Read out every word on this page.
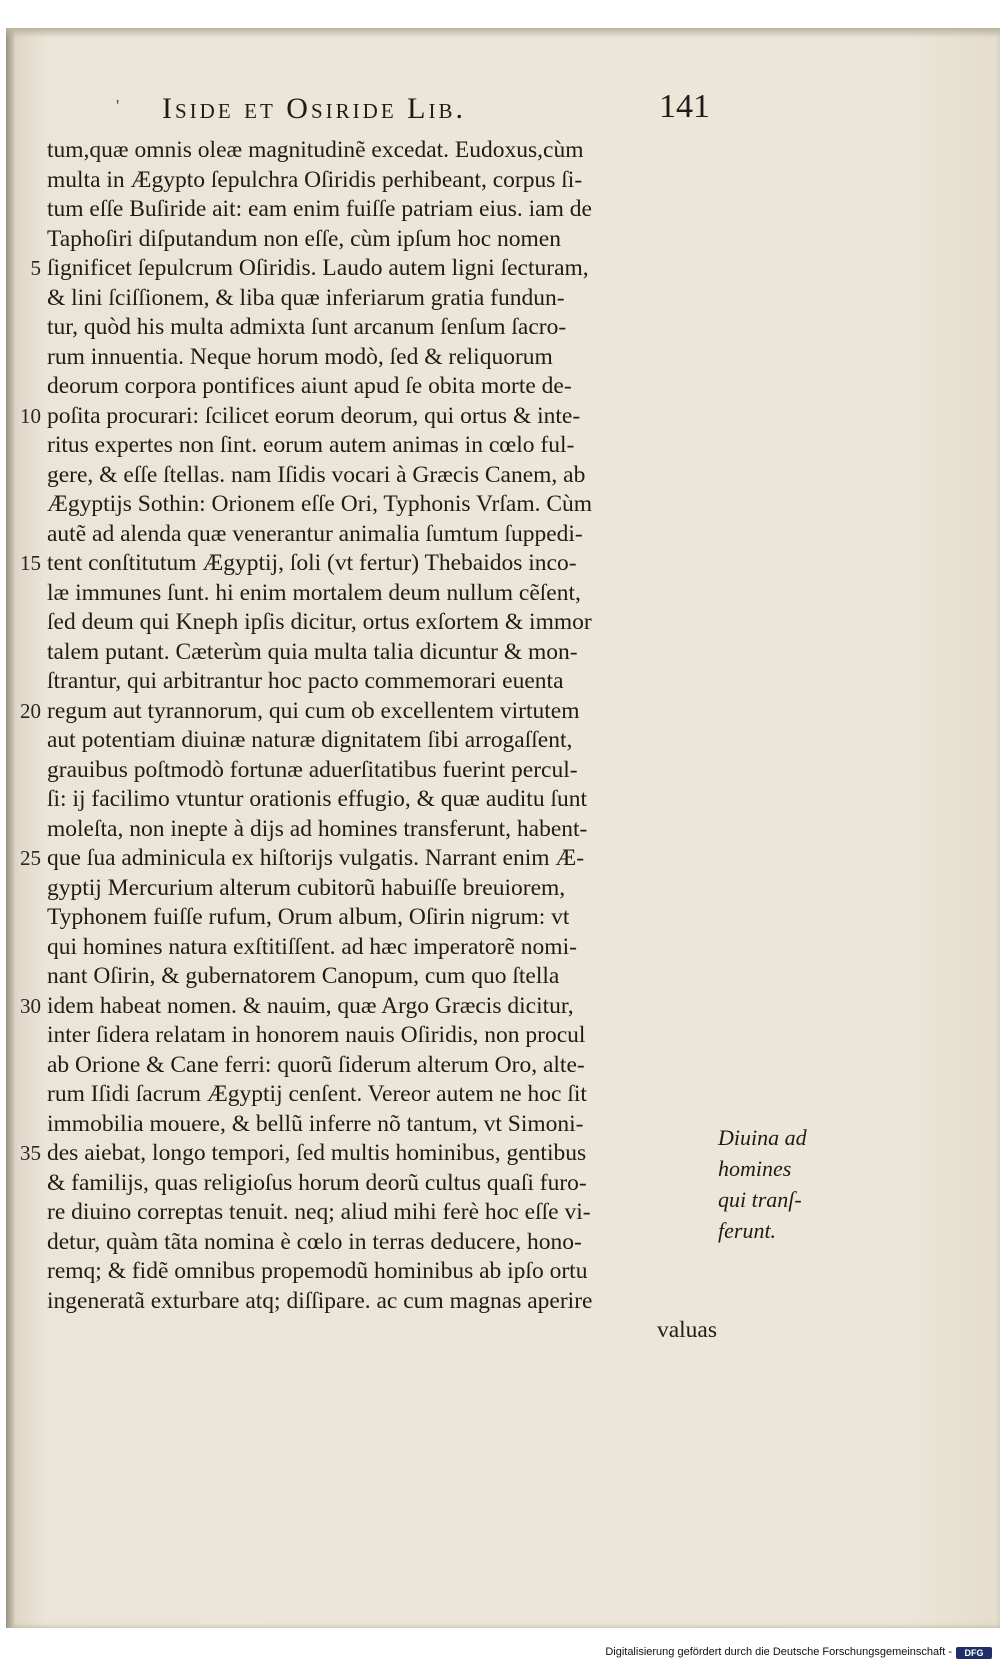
' Iside et Osiride Lib.	141
tum,quæ omnis oleæ magnitudinẽ excedat. Eudoxus,cùm
multa in Ægypto ſepulchra Oſiridis perhibeant, corpus ſi-
tum eſſe Buſiride ait: eam enim fuiſſe patriam eius. iam de
Taphoſiri diſputandum non eſſe, cùm ipſum hoc nomen
5 ſignificet ſepulcrum Oſiridis. Laudo autem ligni ſecturam,
& lini ſciſſionem, & liba quæ inferiarum gratia fundun-
tur, quòd his multa admixta ſunt arcanum ſenſum ſacro-
rum innuentia. Neque horum modò, ſed & reliquorum
deorum corpora pontifices aiunt apud ſe obita morte de-
10 poſita procurari: ſcilicet eorum deorum, qui ortus & inte-
ritus expertes non ſint. eorum autem animas in cœlo ful-
gere, & eſſe ſtellas. nam Iſidis vocari à Græcis Canem, ab
Ægyptijs Sothin: Orionem eſſe Ori, Typhonis Vrſam. Cùm
autẽ ad alenda quæ venerantur animalia ſumtum ſuppedi-
15 tent conſtitutum Ægyptij, ſoli (vt fertur) Thebaidos inco-
læ immunes ſunt. hi enim mortalem deum nullum cẽſent,
ſed deum qui Kneph ipſis dicitur, ortus exſortem & immor
talem putant. Cæterùm quia multa talia dicuntur & mon-
ſtrantur, qui arbitrantur hoc pacto commemorari euenta
20 regum aut tyrannorum, qui cum ob excellentem virtutem
aut potentiam diuinæ naturæ dignitatem ſibi arrogaſſent,
grauibus poſtmodò fortunæ aduerſitatibus fuerint percul-
ſi: ij facilimo vtuntur orationis effugio, & quæ auditu ſunt
moleſta, non inepte à dijs ad homines transferunt, habent-
25 que ſua adminicula ex hiſtorijs vulgatis. Narrant enim Æ-
gyptij Mercurium alterum cubitorũ habuiſſe breuiorem,
Typhonem fuiſſe rufum, Orum album, Oſirin nigrum: vt
qui homines natura exſtitiſſent. ad hæc imperatorẽ nomi-
nant Oſirin, & gubernatorem Canopum, cum quo ſtella
30 idem habeat nomen. & nauim, quæ Argo Græcis dicitur,
inter ſidera relatam in honorem nauis Oſiridis, non procul
ab Orione & Cane ferri: quorũ ſiderum alterum Oro, alte-
rum Iſidi ſacrum Ægyptij cenſent. Vereor autem ne hoc ſit
immobilia mouere, & bellũ inferre nõ tantum, vt Simoni-
35 des aiebat, longo tempori, ſed multis hominibus, gentibus
& familijs, quas religioſus horum deorũ cultus quaſi furo-
re diuino correptas tenuit. neq; aliud mihi ferè hoc eſſe vi-
detur, quàm tãta nomina è cœlo in terras deducere, hono-
remq; & fidẽ omnibus propemodũ hominibus ab ipſo ortu
ingeneratã exturbare atq; diſſipare. ac cum magnas aperire
valuas
Diuina ad
homines
qui tranſ-
ferunt.
Digitalisierung gefördert durch die Deutsche Forschungsgemeinschaft -	DFG
